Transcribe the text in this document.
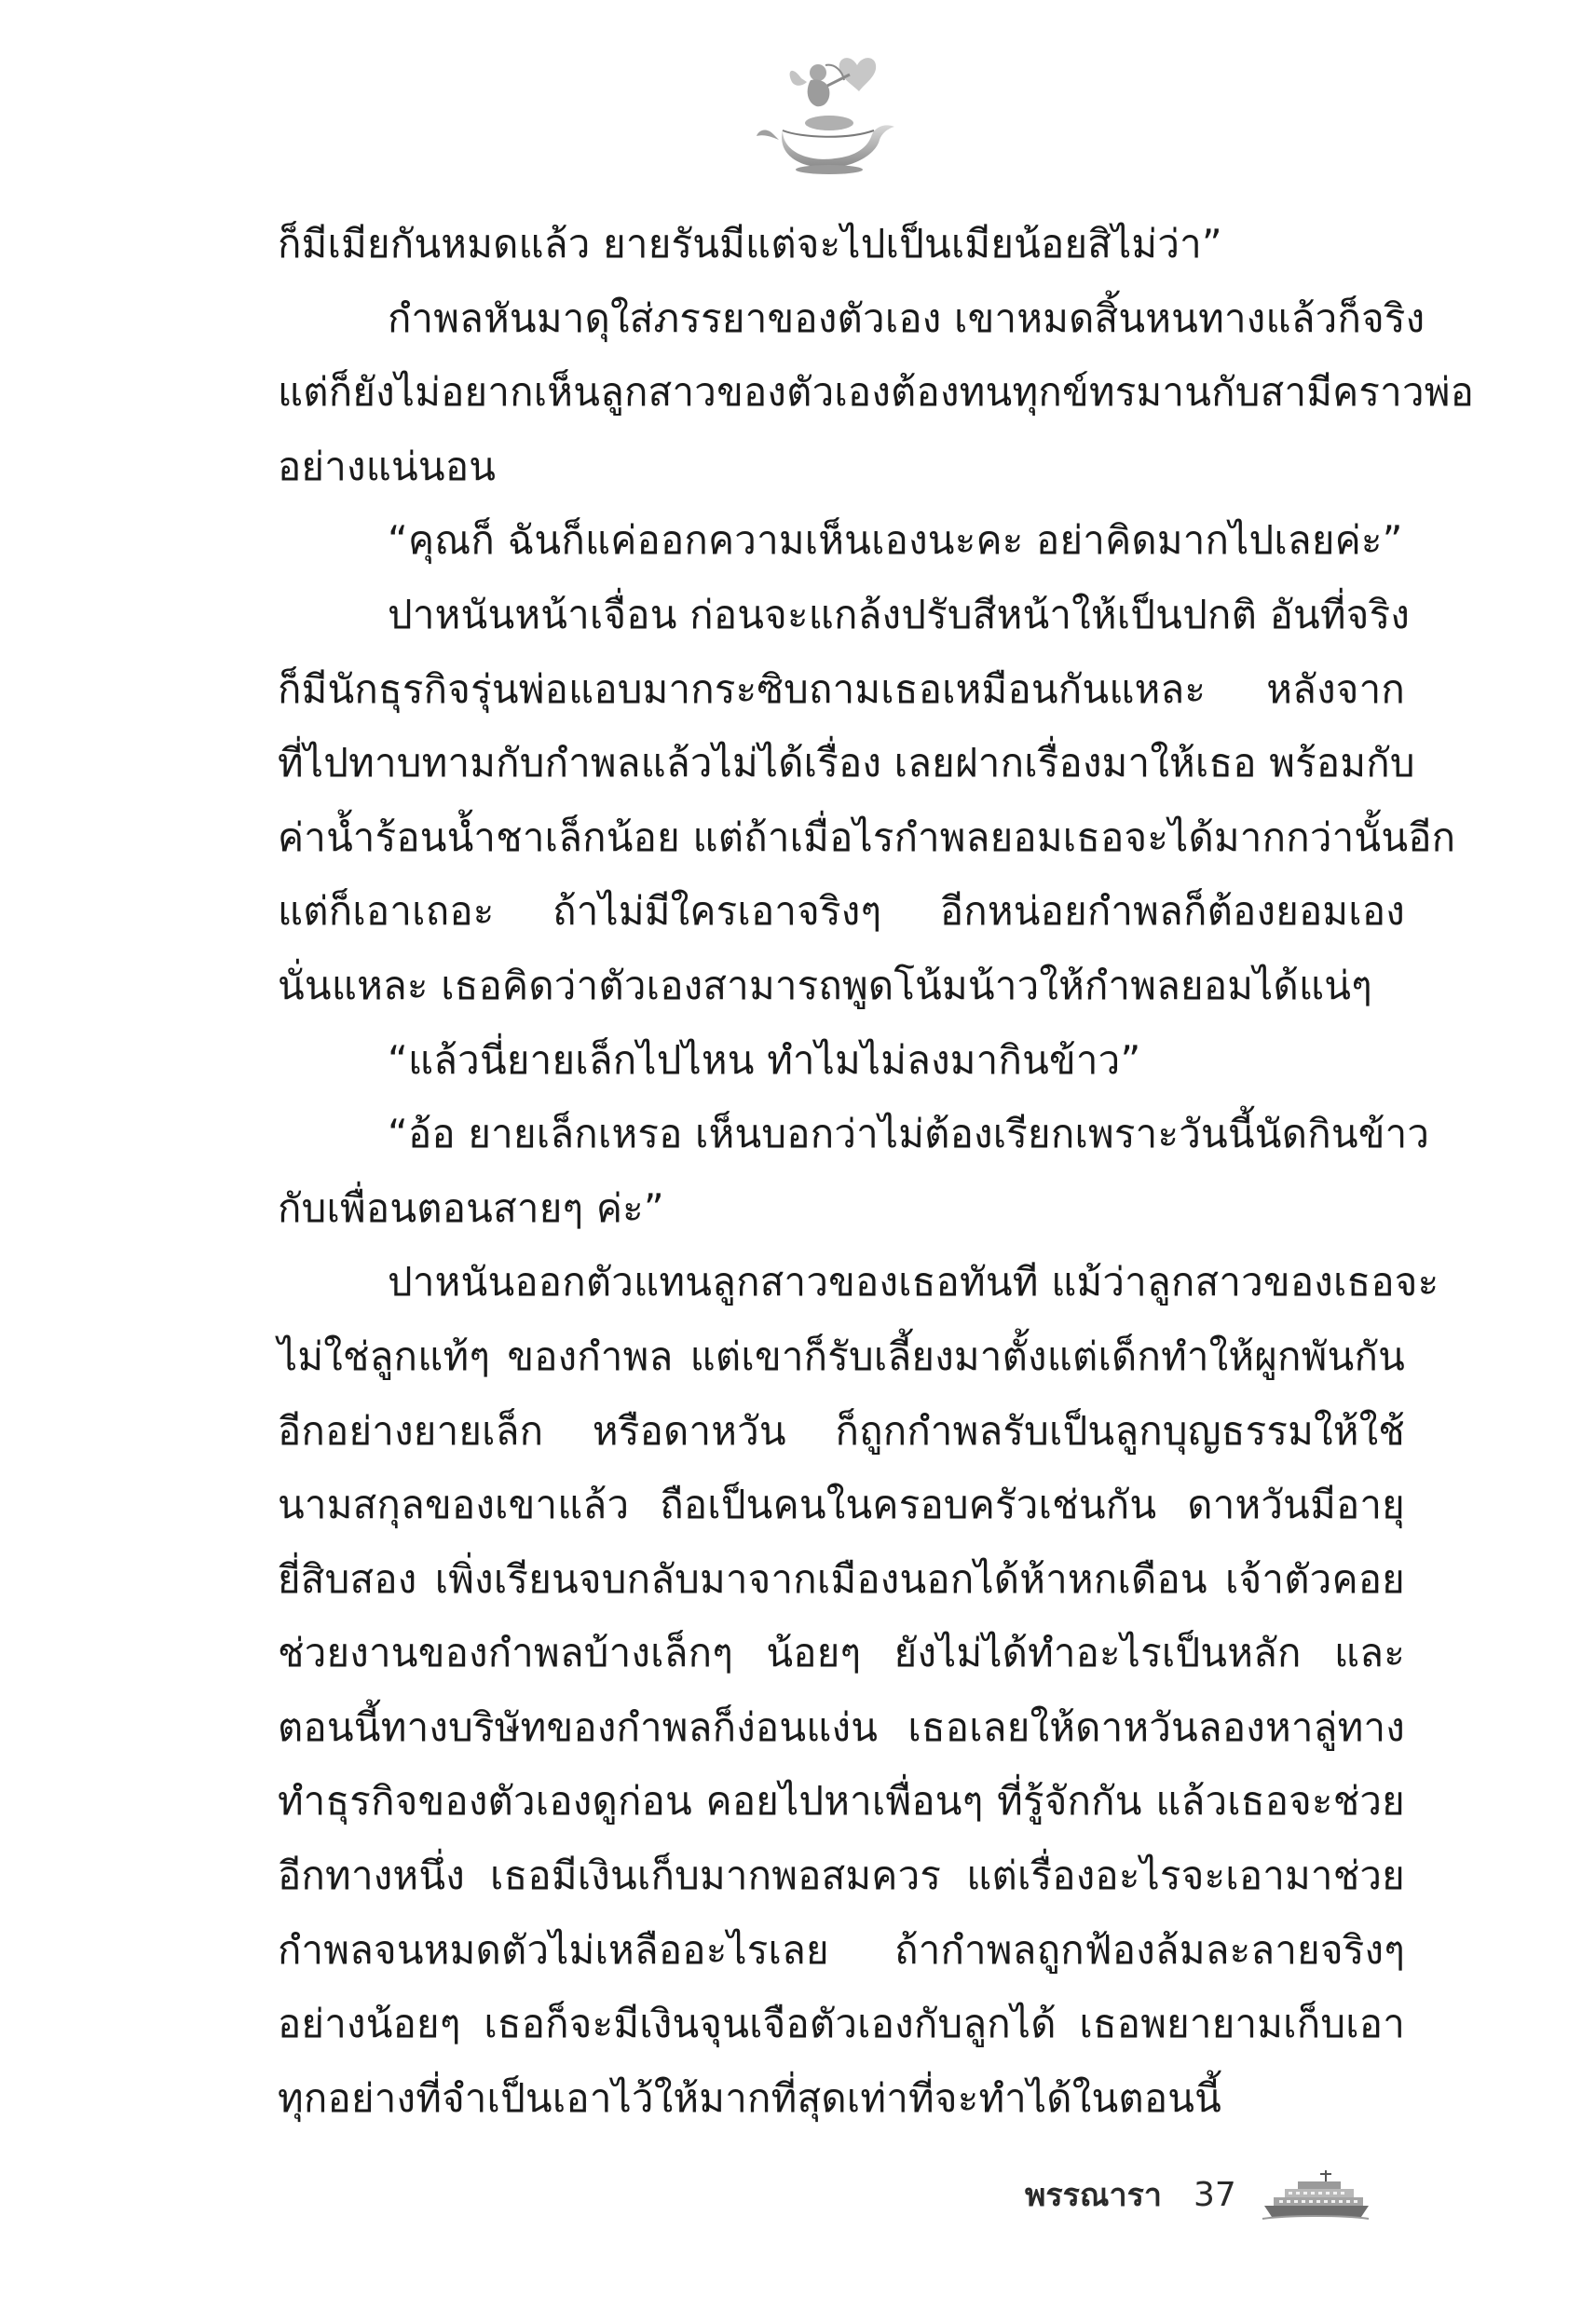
ก็มีเมียกันหมดแล้ว ยายรันมีแต่จะไปเป็นเมียน้อยสิไม่ว่า”
กำพลหันมาดุใส่ภรรยาของตัวเอง เขาหมดสิ้นหนทางแล้วก็จริง
แต่ก็ยังไม่อยากเห็นลูกสาวของตัวเองต้องทนทุกข์ทรมานกับสามีคราวพ่อ
อย่างแน่นอน
“คุณก็ ฉันก็แค่ออกความเห็นเองนะคะ อย่าคิดมากไปเลยค่ะ”
ปาหนันหน้าเจื่อน ก่อนจะแกล้งปรับสีหน้าให้เป็นปกติ อันที่จริง
ก็มีนักธุรกิจรุ่นพ่อแอบมากระซิบถามเธอเหมือนกันแหละ หลังจาก
ที่ไปทาบทามกับกำพลแล้วไม่ได้เรื่อง เลยฝากเรื่องมาให้เธอ พร้อมกับ
ค่าน้ำร้อนน้ำชาเล็กน้อย แต่ถ้าเมื่อไรกำพลยอมเธอจะได้มากกว่านั้นอีก
แต่ก็เอาเถอะ ถ้าไม่มีใครเอาจริงๆ อีกหน่อยกำพลก็ต้องยอมเอง
นั่นแหละ เธอคิดว่าตัวเองสามารถพูดโน้มน้าวให้กำพลยอมได้แน่ๆ
“แล้วนี่ยายเล็กไปไหน ทำไมไม่ลงมากินข้าว”
“อ้อ ยายเล็กเหรอ เห็นบอกว่าไม่ต้องเรียกเพราะวันนี้นัดกินข้าว
กับเพื่อนตอนสายๆ ค่ะ”
ปาหนันออกตัวแทนลูกสาวของเธอทันที แม้ว่าลูกสาวของเธอจะ
ไม่ใช่ลูกแท้ๆ ของกำพล แต่เขาก็รับเลี้ยงมาตั้งแต่เด็กทำให้ผูกพันกัน
อีกอย่างยายเล็ก หรือดาหวัน ก็ถูกกำพลรับเป็นลูกบุญธรรมให้ใช้
นามสกุลของเขาแล้ว ถือเป็นคนในครอบครัวเช่นกัน ดาหวันมีอายุ
ยี่สิบสอง เพิ่งเรียนจบกลับมาจากเมืองนอกได้ห้าหกเดือน เจ้าตัวคอย
ช่วยงานของกำพลบ้างเล็กๆ น้อยๆ ยังไม่ได้ทำอะไรเป็นหลัก และ
ตอนนี้ทางบริษัทของกำพลก็ง่อนแง่น เธอเลยให้ดาหวันลองหาลู่ทาง
ทำธุรกิจของตัวเองดูก่อน คอยไปหาเพื่อนๆ ที่รู้จักกัน แล้วเธอจะช่วย
อีกทางหนึ่ง เธอมีเงินเก็บมากพอสมควร แต่เรื่องอะไรจะเอามาช่วย
กำพลจนหมดตัวไม่เหลืออะไรเลย ถ้ากำพลถูกฟ้องล้มละลายจริงๆ
อย่างน้อยๆ เธอก็จะมีเงินจุนเจือตัวเองกับลูกได้ เธอพยายามเก็บเอา
ทุกอย่างที่จำเป็นเอาไว้ให้มากที่สุดเท่าที่จะทำได้ในตอนนี้
พรรณารา 37
